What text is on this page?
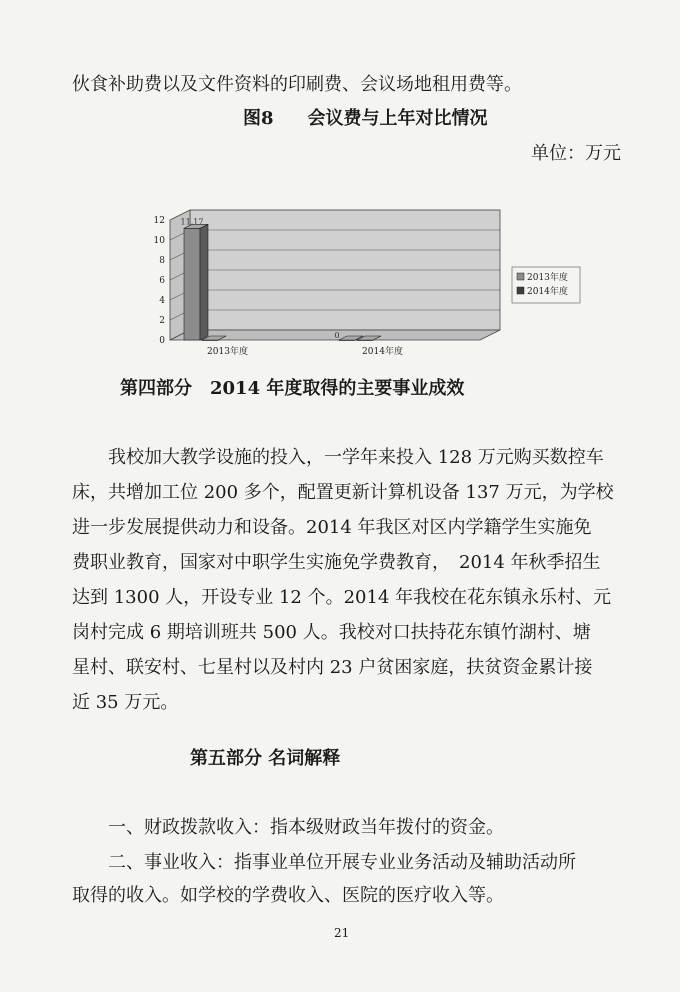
伙食补助费以及文件资料的印刷费、会议场地租用费等。
图8 会议费与上年对比情况
单位：万元
0
2
4
6
8
10
12
2013年度	2014年度
11.17
0
2013年度
2014年度
第四部分　2014 年度取得的主要事业成效
我校加大教学设施的投入，一学年来投入 128 万元购买数控车
床，共增加工位 200 多个，配置更新计算机设备 137 万元，为学校
进一步发展提供动力和设备。2014 年我区对区内学籍学生实施免
费职业教育，国家对中职学生实施免学费教育，　2014 年秋季招生
达到 1300 人，开设专业 12 个。2014 年我校在花东镇永乐村、元
岗村完成 6 期培训班共 500 人。我校对口扶持花东镇竹湖村、塘
星村、联安村、七星村以及村内 23 户贫困家庭，扶贫资金累计接
近 35 万元。
第五部分 名词解释
一、财政拨款收入：指本级财政当年拨付的资金。
二、事业收入：指事业单位开展专业业务活动及辅助活动所
取得的收入。如学校的学费收入、医院的医疗收入等。
21
